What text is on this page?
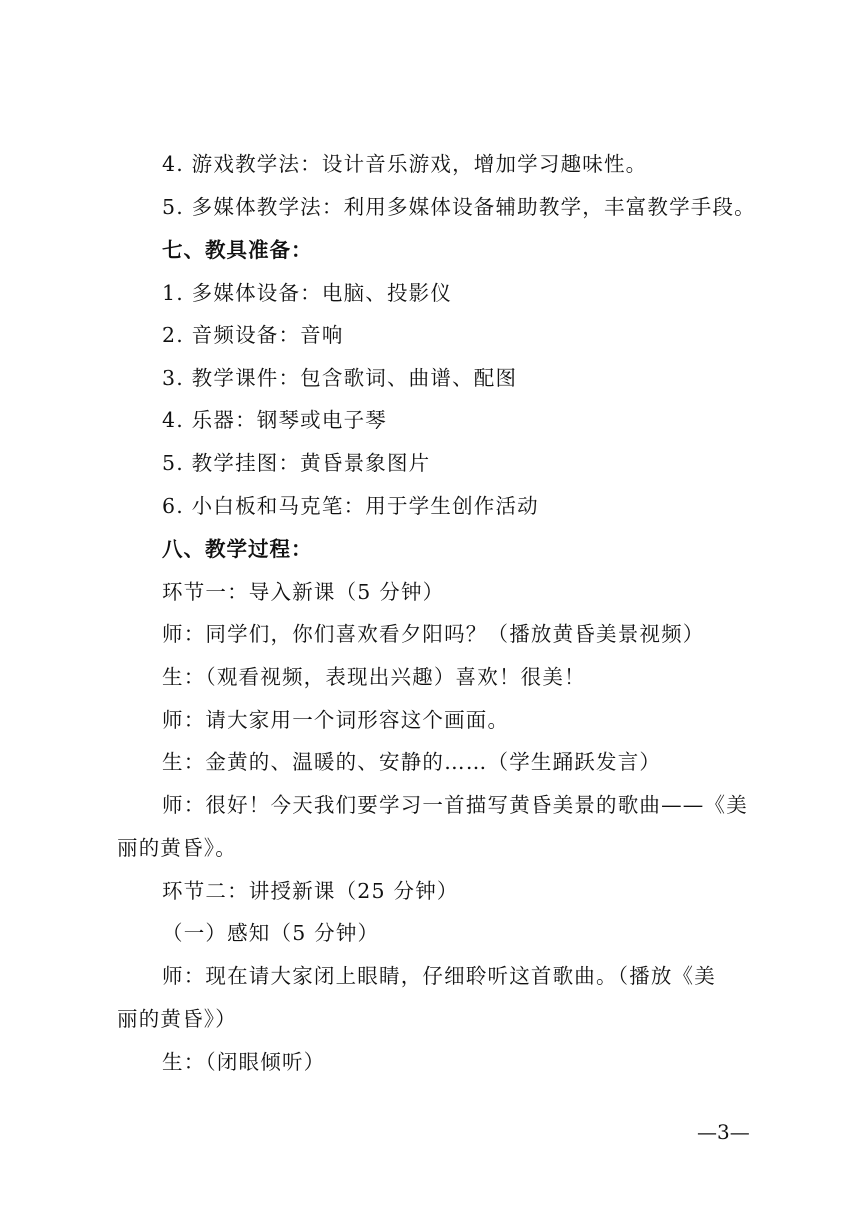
4. 游戏教学法：设计音乐游戏，增加学习趣味性。
5. 多媒体教学法：利用多媒体设备辅助教学，丰富教学手段。
七、教具准备：
1. 多媒体设备：电脑、投影仪
2. 音频设备：音响
3. 教学课件：包含歌词、曲谱、配图
4. 乐器：钢琴或电子琴
5. 教学挂图：黄昏景象图片
6. 小白板和马克笔：用于学生创作活动
八、教学过程：
环节一：导入新课（5 分钟）
师：同学们，你们喜欢看夕阳吗？（播放黄昏美景视频）
生：（观看视频，表现出兴趣）喜欢！很美！
师：请大家用一个词形容这个画面。
生：金黄的、温暖的、安静的……（学生踊跃发言）
师：很好！今天我们要学习一首描写黄昏美景的歌曲——《美
丽的黄昏》。
环节二：讲授新课（25 分钟）
（一）感知（5 分钟）
师：现在请大家闭上眼睛，仔细聆听这首歌曲。（播放《美
丽的黄昏》）
生：（闭眼倾听）
—3—
